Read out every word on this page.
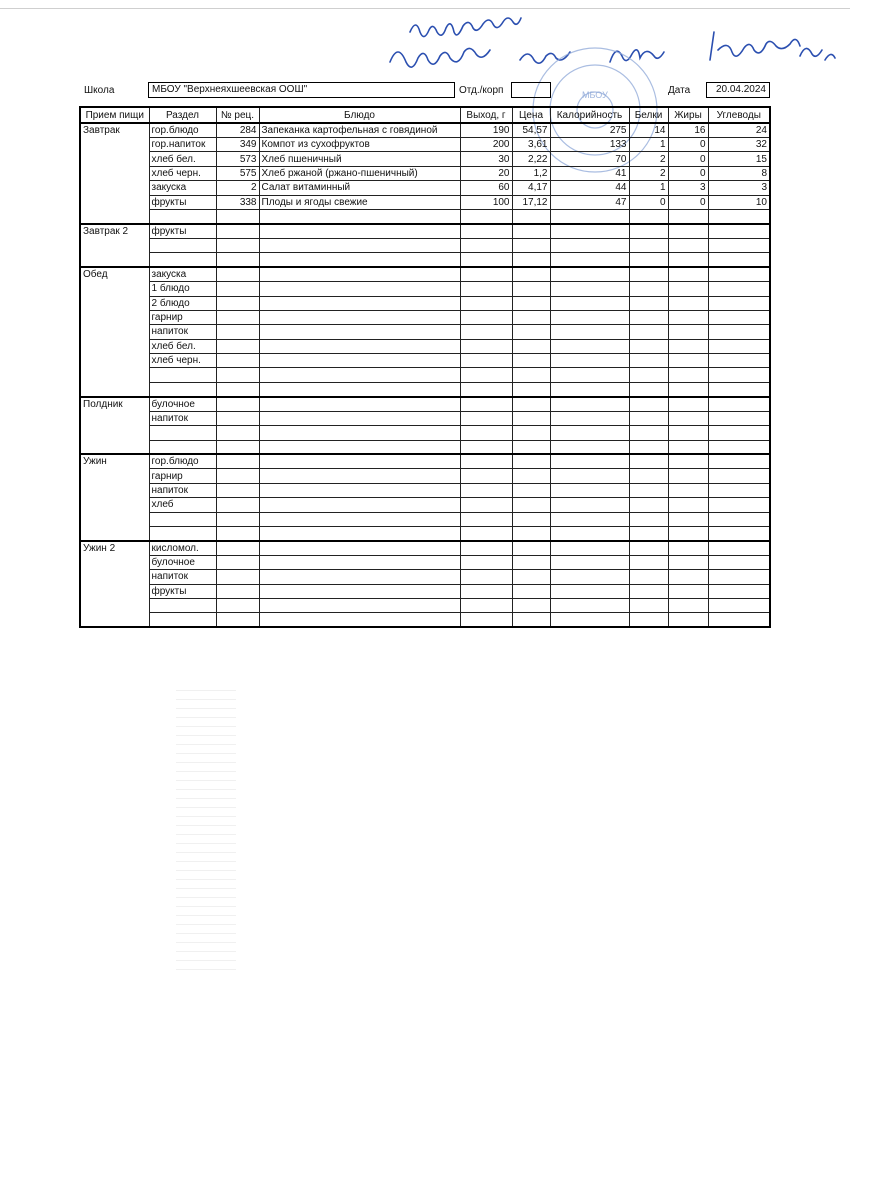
МБОУ
Школа	МБОУ "Верхнеяхшеевская ООШ"	Отд./корп	Дата	20.04.2024
Прием пищи	Раздел	№ рец.	Блюдо	Выход, г	Цена	Калорийность	Белки	Жиры	Углеводы
Завтрак	гор.блюдо	284	Запеканка картофельная с говядиной	190	54,57	275	14	16	24
	гор.напиток	349	Компот из сухофруктов	200	3,61	133	1	0	32
	хлеб бел.	573	Хлеб пшеничный	30	2,22	70	2	0	15
	хлеб черн.	575	Хлеб ржаной (ржано-пшеничный)	20	1,2	41	2	0	8
	закуска	2	Салат витаминный	60	4,17	44	1	3	3
	фрукты	338	Плоды и ягоды свежие	100	17,12	47	0	0	10

Завтрак 2	фрукты								

Обед	закуска								
	1 блюдо								
	2 блюдо								
	гарнир								
	напиток								
	хлеб бел.								
	хлеб черн.								

Полдник	булочное								
	напиток								

Ужин	гор.блюдо								
	гарнир								
	напиток								
	хлеб								

Ужин 2	кисломол.								
	булочное								
	напиток								
	фрукты								
